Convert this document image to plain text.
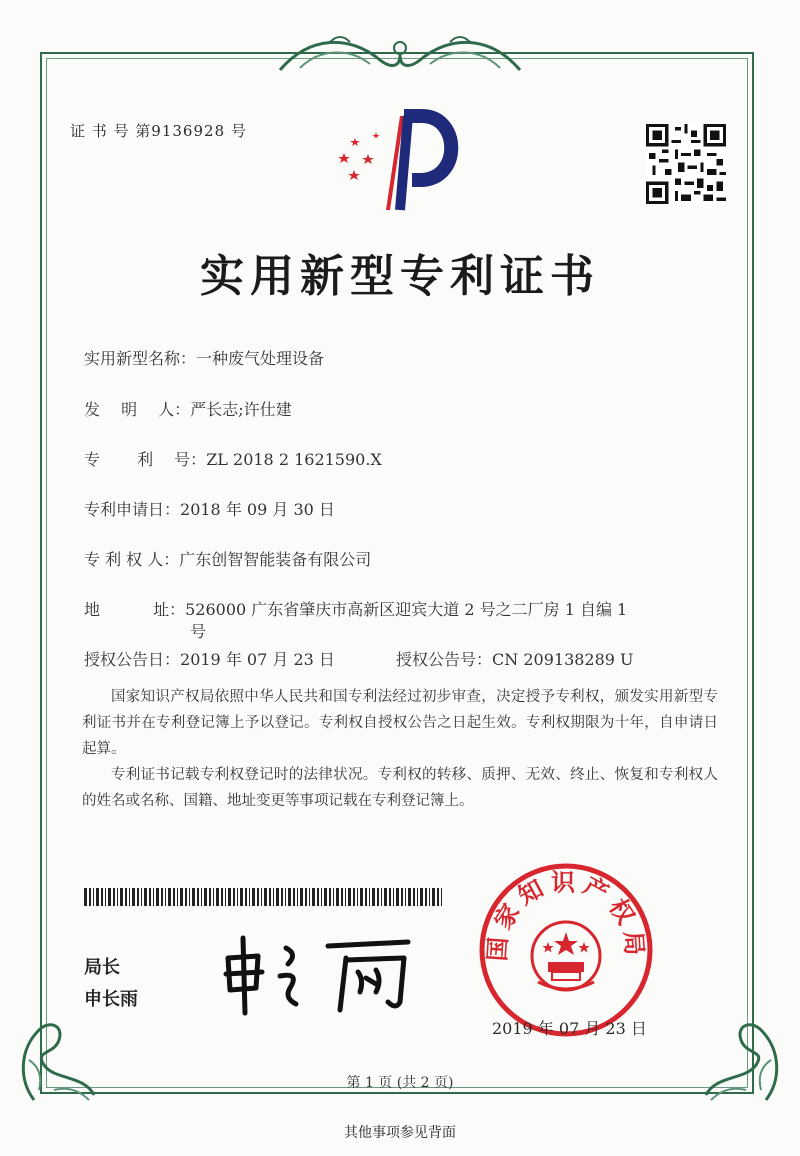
证 书 号 第9136928 号
实用新型专利证书
实用新型名称：一种废气处理设备
发　 明　 人：严长志;许仕建
专　　 利　 号：ZL 2018 2 1621590.X
专利申请日：2018 年 09 月 30 日
专 利 权 人：广东创智智能装备有限公司
地　　　 址：526000 广东省肇庆市高新区迎宾大道 2 号之二厂房 1 自编 1
号
授权公告日：2019 年 07 月 23 日	授权公告号：CN 209138289 U
国家知识产权局依照中华人民共和国专利法经过初步审查，决定授予专利权，颁发实用新型专利证书并在专利登记簿上予以登记。专利权自授权公告之日起生效。专利权期限为十年，自申请日起算。
专利证书记载专利权登记时的法律状况。专利权的转移、质押、无效、终止、恢复和专利权人的姓名或名称、国籍、地址变更等事项记载在专利登记簿上。
局长
申长雨
国家知识产权局
2019 年 07 月 23 日
第 1 页 (共 2 页)
其他事项参见背面
